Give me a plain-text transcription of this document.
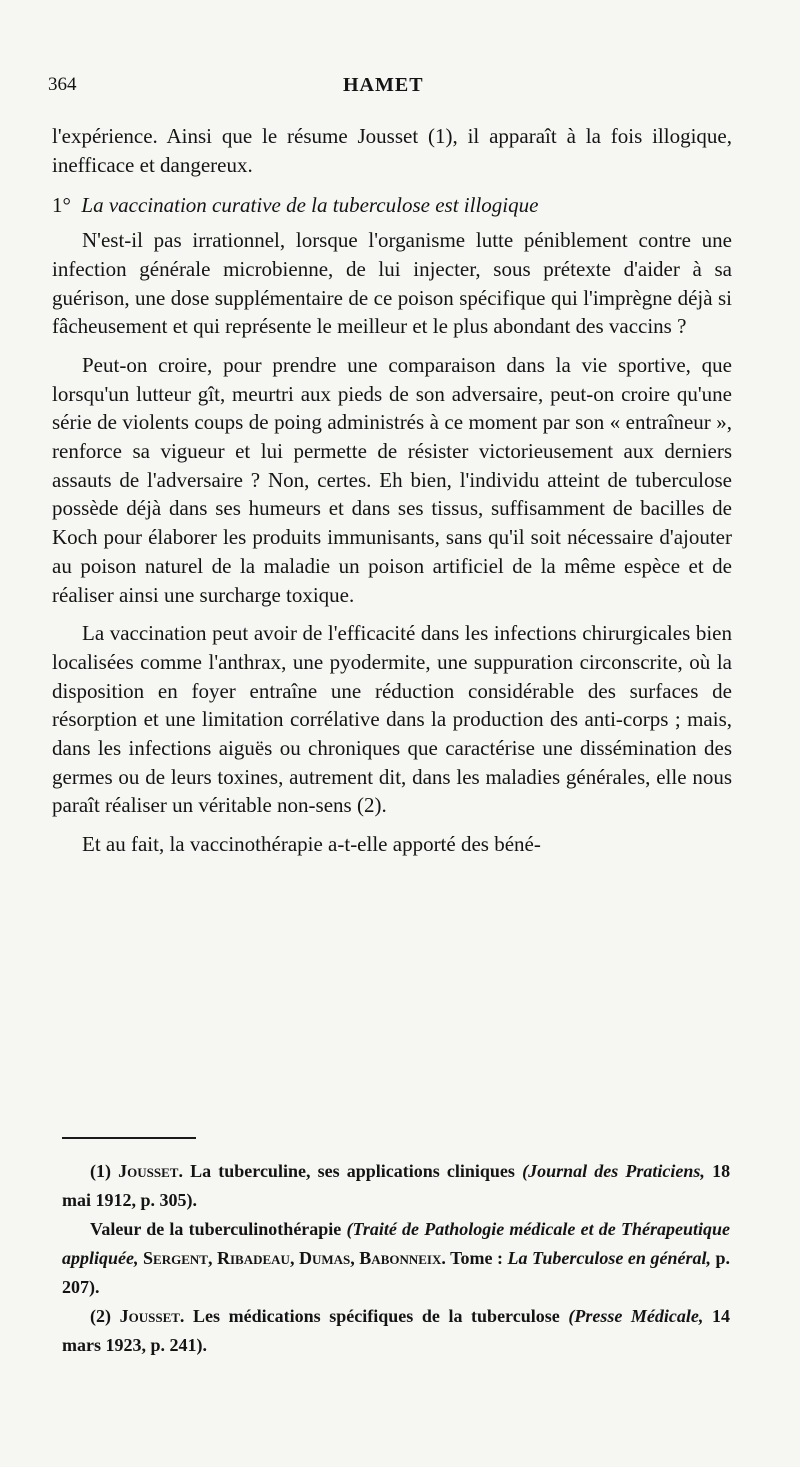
364	HAMET

l'expérience. Ainsi que le résume Jousset (1), il apparaît à la fois illogique, inefficace et dangereux.

1° La vaccination curative de la tuberculose est illogique

N'est-il pas irrationnel, lorsque l'organisme lutte péniblement contre une infection générale microbienne, de lui injecter, sous prétexte d'aider à sa guérison, une dose supplémentaire de ce poison spécifique qui l'imprègne déjà si fâcheusement et qui représente le meilleur et le plus abondant des vaccins ?

Peut-on croire, pour prendre une comparaison dans la vie sportive, que lorsqu'un lutteur gît, meurtri aux pieds de son adversaire, peut-on croire qu'une série de violents coups de poing administrés à ce moment par son « entraîneur », renforce sa vigueur et lui permette de résister victorieusement aux derniers assauts de l'adversaire ? Non, certes. Eh bien, l'individu atteint de tuberculose possède déjà dans ses humeurs et dans ses tissus, suffisamment de bacilles de Koch pour élaborer les produits immunisants, sans qu'il soit nécessaire d'ajouter au poison naturel de la maladie un poison artificiel de la même espèce et de réaliser ainsi une surcharge toxique.

La vaccination peut avoir de l'efficacité dans les infections chirurgicales bien localisées comme l'anthrax, une pyodermite, une suppuration circonscrite, où la disposition en foyer entraîne une réduction considérable des surfaces de résorption et une limitation corrélative dans la production des anti-corps ; mais, dans les infections aiguës ou chroniques que caractérise une dissémination des germes ou de leurs toxines, autrement dit, dans les maladies générales, elle nous paraît réaliser un véritable non-sens (2).

Et au fait, la vaccinothérapie a-t-elle apporté des béné-

(1) Jousset. La tuberculine, ses applications cliniques (Journal des Praticiens, 18 mai 1912, p. 305).

Valeur de la tuberculinothérapie (Traité de Pathologie médicale et de Thérapeutique appliquée, Sergent, Ribadeau, Dumas, Babonneix. Tome : La Tuberculose en général, p. 207).

(2) Jousset. Les médications spécifiques de la tuberculose (Presse Médicale, 14 mars 1923, p. 241).
